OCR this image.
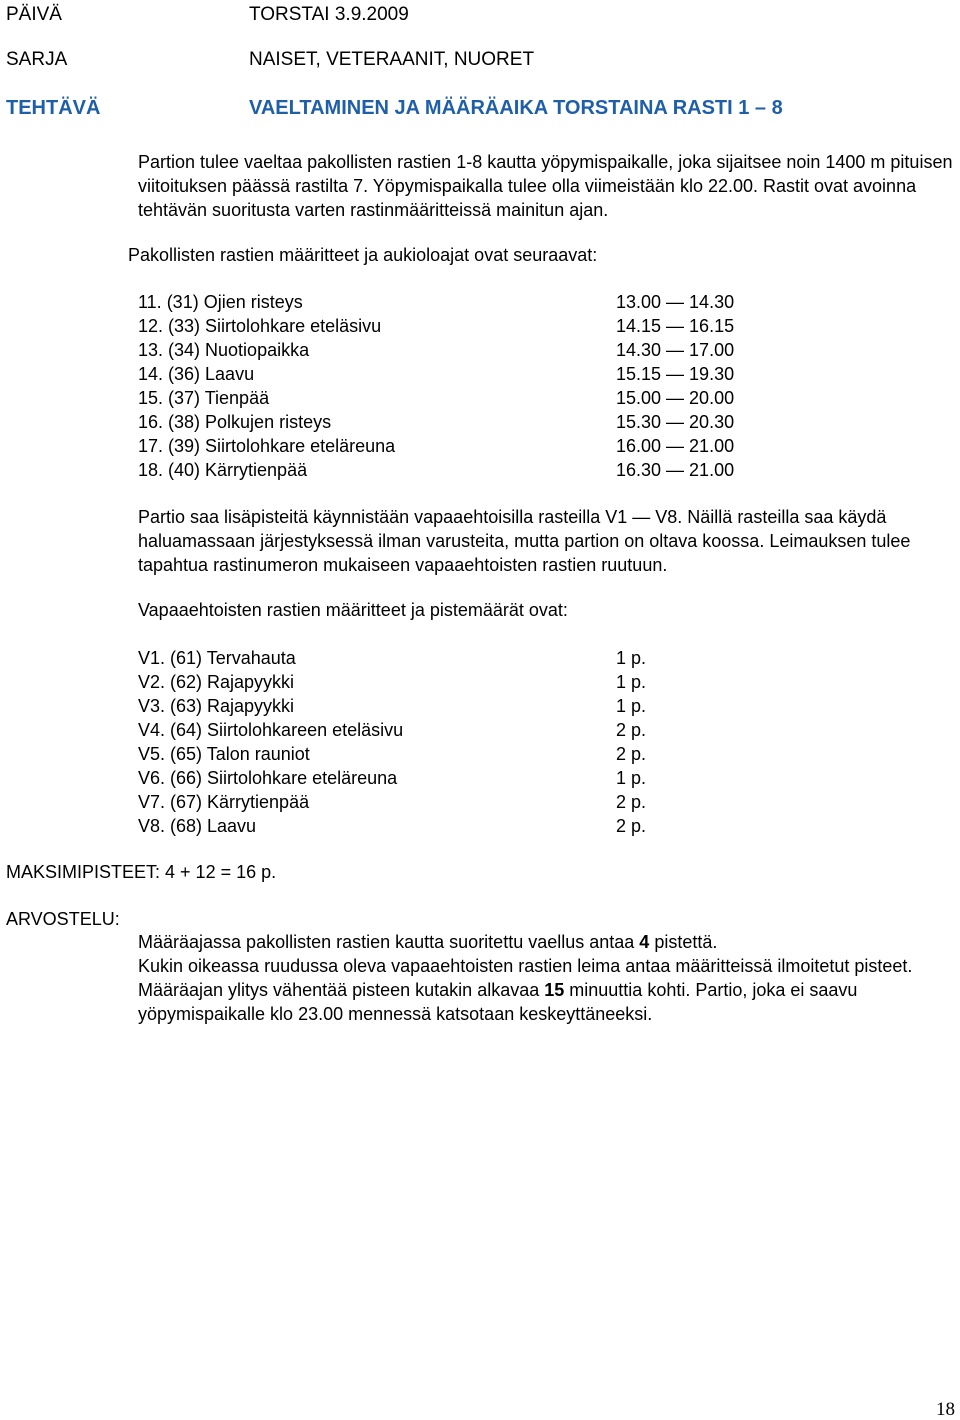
PÄIVÄ	TORSTAI 3.9.2009
SARJA	NAISET, VETERAANIT, NUORET
TEHTÄVÄ	VAELTAMINEN JA MÄÄRÄAIKA TORSTAINA RASTI 1 – 8
Partion tulee vaeltaa pakollisten rastien 1-8 kautta yöpymispaikalle, joka sijaitsee noin 1400 m pituisen viitoituksen päässä rastilta 7. Yöpymispaikalla tulee olla viimeistään klo 22.00. Rastit ovat avoinna tehtävän suoritusta varten rastinmääritteissä mainitun ajan.
Pakollisten rastien määritteet ja aukioloajat ovat seuraavat:
11. (31) Ojien risteys	13.00 — 14.30
12. (33) Siirtolohkare eteläsivu	14.15 — 16.15
13. (34) Nuotiopaikka	14.30 — 17.00
14. (36) Laavu	15.15 — 19.30
15. (37) Tienpää	15.00 — 20.00
16. (38) Polkujen risteys	15.30 — 20.30
17. (39) Siirtolohkare eteläreuna	16.00 — 21.00
18. (40) Kärrytienpää	16.30 — 21.00
Partio saa lisäpisteitä käynnistään vapaaehtoisilla rasteilla V1 — V8. Näillä rasteilla saa käydä haluamassaan järjestyksessä ilman varusteita, mutta partion on oltava koossa. Leimauksen tulee tapahtua rastinumeron mukaiseen vapaaehtoisten rastien ruutuun.
Vapaaehtoisten rastien määritteet ja pistemäärät ovat:
V1. (61) Tervahauta	1 p.
V2. (62) Rajapyykki	1 p.
V3. (63) Rajapyykki	1 p.
V4. (64) Siirtolohkareen eteläsivu	2 p.
V5. (65) Talon rauniot	2 p.
V6. (66) Siirtolohkare eteläreuna	1 p.
V7. (67) Kärrytienpää	2 p.
V8. (68) Laavu	2 p.
MAKSIMIPISTEET: 4 + 12 = 16 p.
ARVOSTELU:
Määräajassa pakollisten rastien kautta suoritettu vaellus antaa 4 pistettä.
Kukin oikeassa ruudussa oleva vapaaehtoisten rastien leima antaa määritteissä ilmoitetut pisteet. Määräajan ylitys vähentää pisteen kutakin alkavaa 15 minuuttia kohti. Partio, joka ei saavu yöpymispaikalle klo 23.00 mennessä katsotaan keskeyttäneeksi.
18
